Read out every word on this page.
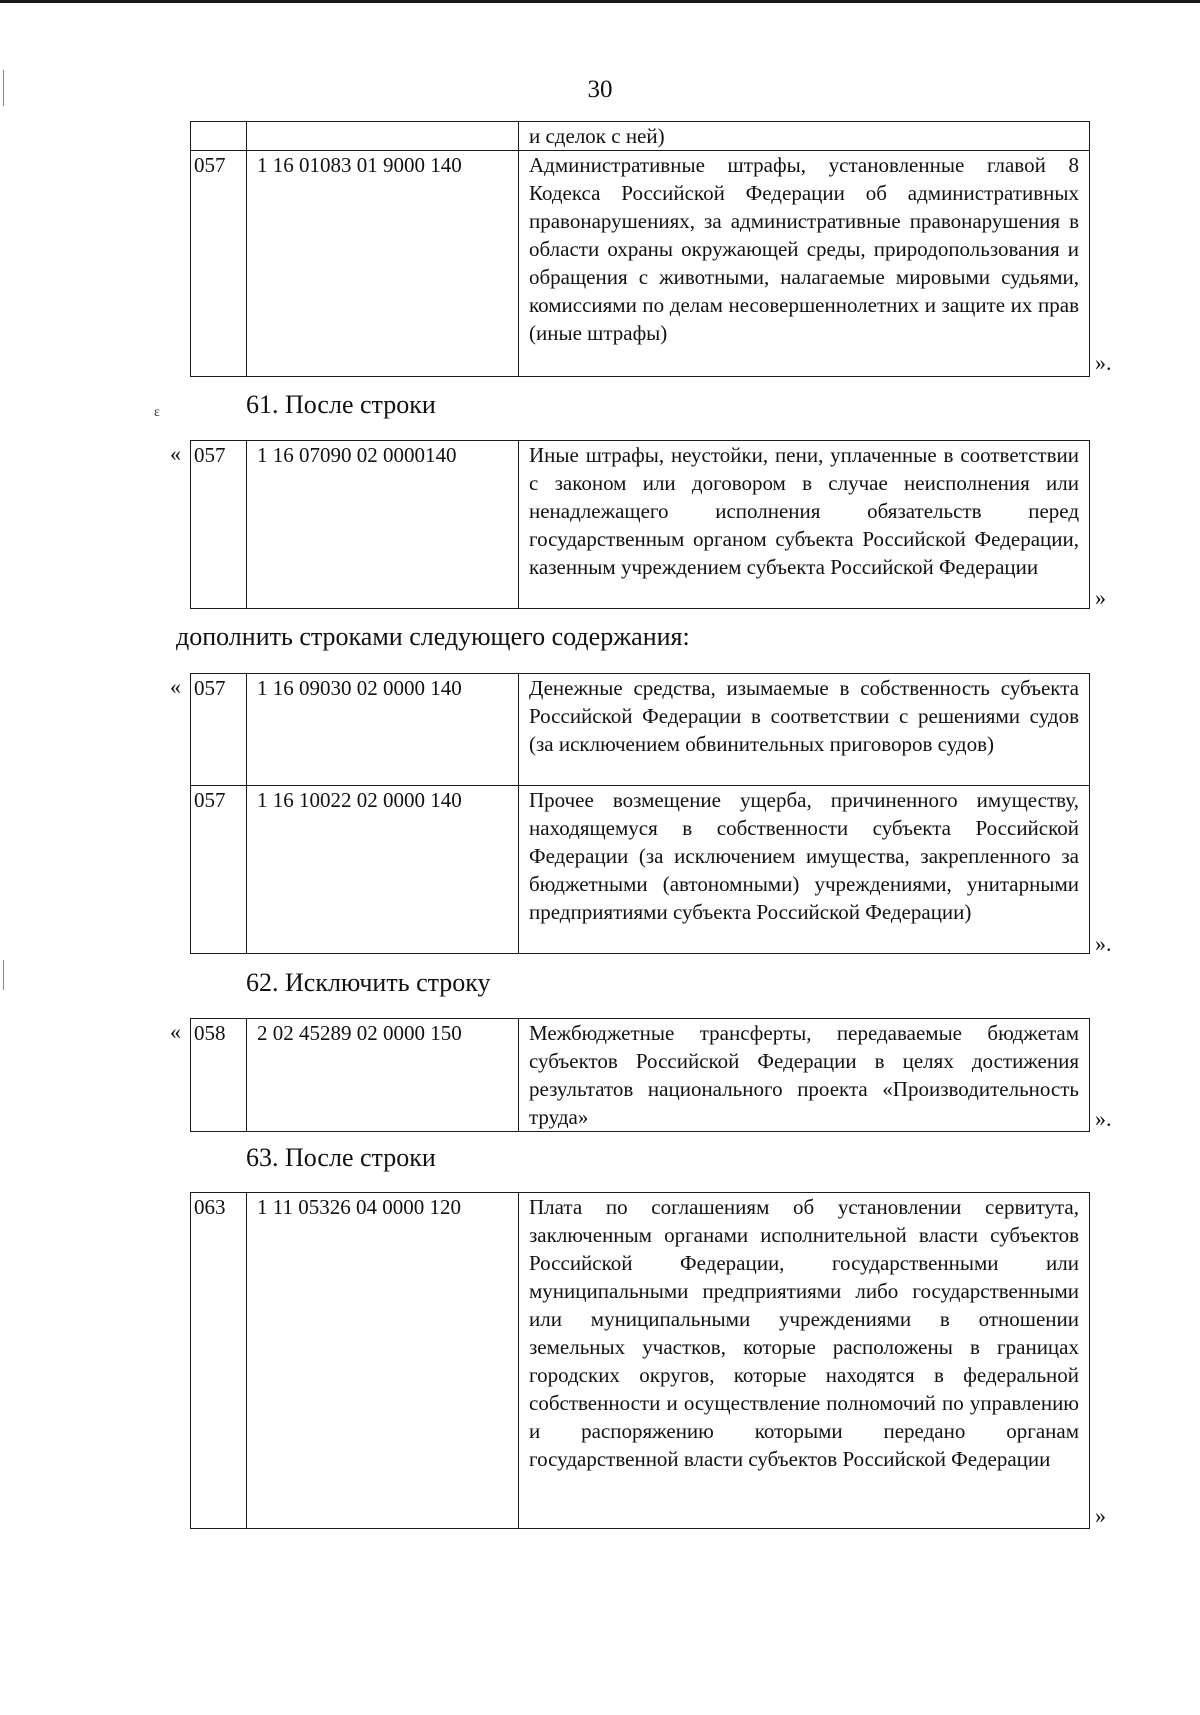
30
		и сделок с ней)
057	1 16 01083 01 9000 140	Административные штрафы, установленные главой 8 Кодекса Российской Федерации об административных правонарушениях, за административные правонарушения в области охраны окружающей среды, природопользования и обращения с животными, налагаемые мировыми судьями, комиссиями по делам несовершеннолетних и защите их прав (иные штрафы)
».
ɛ	61. После строки
« 057	1 16 07090 02 0000140	Иные штрафы, неустойки, пени, уплаченные в соответствии с законом или договором в случае неисполнения или ненадлежащего исполнения обязательств перед государственным органом субъекта Российской Федерации, казенным учреждением субъекта Российской Федерации
»
дополнить строками следующего содержания:
« 057	1 16 09030 02 0000 140	Денежные средства, изымаемые в собственность субъекта Российской Федерации в соответствии с решениями судов (за исключением обвинительных приговоров судов)
057	1 16 10022 02 0000 140	Прочее возмещение ущерба, причиненного имуществу, находящемуся в собственности субъекта Российской Федерации (за исключением имущества, закрепленного за бюджетными (автономными) учреждениями, унитарными предприятиями субъекта Российской Федерации)
».
62. Исключить строку
« 058	2 02 45289 02 0000 150	Межбюджетные трансферты, передаваемые бюджетам субъектов Российской Федерации в целях достижения результатов национального проекта «Производительность труда»	».
63. После строки
063	1 11 05326 04 0000 120	Плата по соглашениям об установлении сервитута, заключенным органами исполнительной власти субъектов Российской Федерации, государственными или муниципальными предприятиями либо государственными или муниципальными учреждениями в отношении земельных участков, которые расположены в границах городских округов, которые находятся в федеральной собственности и осуществление полномочий по управлению и распоряжению которыми передано органам государственной власти субъектов Российской Федерации
»
